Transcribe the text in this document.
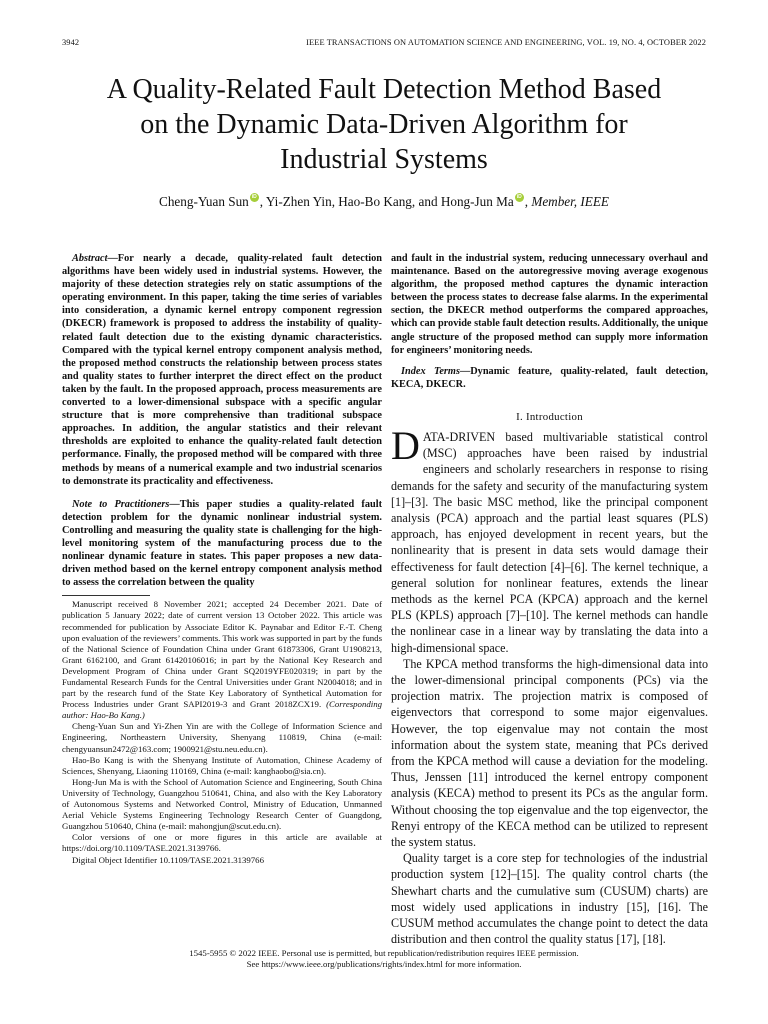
3942	IEEE TRANSACTIONS ON AUTOMATION SCIENCE AND ENGINEERING, VOL. 19, NO. 4, OCTOBER 2022
A Quality-Related Fault Detection Method Based
on the Dynamic Data-Driven Algorithm for
Industrial Systems
Cheng-Yuan Sun iD , Yi-Zhen Yin, Hao-Bo Kang, and Hong-Jun Ma iD , Member, IEEE

Abstract—For nearly a decade, quality-related fault detection algorithms have been widely used in industrial systems. However, the majority of these detection strategies rely on static assumptions of the operating environment. In this paper, taking the time series of variables into consideration, a dynamic kernel entropy component regression (DKECR) framework is proposed to address the instability of quality-related fault detection due to the existing dynamic characteristics. Compared with the typical kernel entropy component analysis method, the proposed method constructs the relationship between process states and quality states to further interpret the direct effect on the product taken by the fault. In the proposed approach, process measurements are converted to a lower-dimensional subspace with a specific angular structure that is more comprehensive than traditional subspace approaches. In addition, the angular statistics and their relevant thresholds are exploited to enhance the quality-related fault detection performance. Finally, the proposed method will be compared with three methods by means of a numerical example and two industrial scenarios to demonstrate its practicality and effectiveness.

Note to Practitioners—This paper studies a quality-related fault detection problem for the dynamic nonlinear industrial system. Controlling and measuring the quality state is challenging for the high-level monitoring system of the manufacturing process due to the nonlinear dynamic feature in states. This paper proposes a new data-driven method based on the kernel entropy component analysis method to assess the correlation between the quality

Manuscript received 8 November 2021; accepted 24 December 2021. Date of publication 5 January 2022; date of current version 13 October 2022. This article was recommended for publication by Associate Editor K. Paynabar and Editor F.-T. Cheng upon evaluation of the reviewers’ comments. This work was supported in part by the funds of the National Science of Foundation China under Grant 61873306, Grant U1908213, Grant 6162100, and Grant 61420106016; in part by the National Key Research and Development Program of China under Grant SQ2019YFE020319; in part by the Fundamental Research Funds for the Central Universities under Grant N2004018; and in part by the research fund of the State Key Laboratory of Synthetical Automation for Process Industries under Grant SAPI2019-3 and Grant 2018ZCX19. (Corresponding author: Hao-Bo Kang.)

Cheng-Yuan Sun and Yi-Zhen Yin are with the College of Information Science and Engineering, Northeastern University, Shenyang 110819, China (e-mail: chengyuansun2472@163.com; 1900921@stu.neu.edu.cn).

Hao-Bo Kang is with the Shenyang Institute of Automation, Chinese Academy of Sciences, Shenyang, Liaoning 110169, China (e-mail: kanghaobo@sia.cn).

Hong-Jun Ma is with the School of Automation Science and Engineering, South China University of Technology, Guangzhou 510641, China, and also with the Key Laboratory of Autonomous Systems and Networked Control, Ministry of Education, Unmanned Aerial Vehicle Systems Engineering Technology Research Center of Guangdong, Guangzhou 510640, China (e-mail: mahongjun@scut.edu.cn).

Color versions of one or more figures in this article are available at https://doi.org/10.1109/TASE.2021.3139766.

Digital Object Identifier 10.1109/TASE.2021.3139766

and fault in the industrial system, reducing unnecessary overhaul and maintenance. Based on the autoregressive moving average exogenous algorithm, the proposed method captures the dynamic interaction between the process states to decrease false alarms. In the experimental section, the DKECR method outperforms the compared approaches, which can provide stable fault detection results. Additionally, the unique angle structure of the proposed method can supply more information for engineers’ monitoring needs.

Index Terms—Dynamic feature, quality-related, fault detection, KECA, DKECR.

I. Introduction

DATA-DRIVEN based multivariable statistical control (MSC) approaches have been raised by industrial engineers and scholarly researchers in response to rising demands for the safety and security of the manufacturing system [1]–[3]. The basic MSC method, like the principal component analysis (PCA) approach and the partial least squares (PLS) approach, has enjoyed development in recent years, but the nonlinearity that is present in data sets would damage their effectiveness for fault detection [4]–[6]. The kernel technique, a general solution for nonlinear features, extends the linear methods as the kernel PCA (KPCA) approach and the kernel PLS (KPLS) approach [7]–[10]. The kernel methods can handle the nonlinear case in a linear way by translating the data into a high-dimensional space.

The KPCA method transforms the high-dimensional data into the lower-dimensional principal components (PCs) via the projection matrix. The projection matrix is composed of eigenvectors that correspond to some major eigenvalues. However, the top eigenvalue may not contain the most information about the system state, meaning that PCs derived from the KPCA method will cause a deviation for the modeling. Thus, Jenssen [11] introduced the kernel entropy component analysis (KECA) method to present its PCs as the angular form. Without choosing the top eigenvalue and the top eigenvector, the Renyi entropy of the KECA method can be utilized to represent the system status.

Quality target is a core step for technologies of the industrial production system [12]–[15]. The quality control charts (the Shewhart charts and the cumulative sum (CUSUM) charts) are most widely used applications in industry [15], [16]. The CUSUM method accumulates the change point to detect the data distribution and then control the quality status [17], [18].

1545-5955 © 2022 IEEE. Personal use is permitted, but republication/redistribution requires IEEE permission.
See https://www.ieee.org/publications/rights/index.html for more information.
